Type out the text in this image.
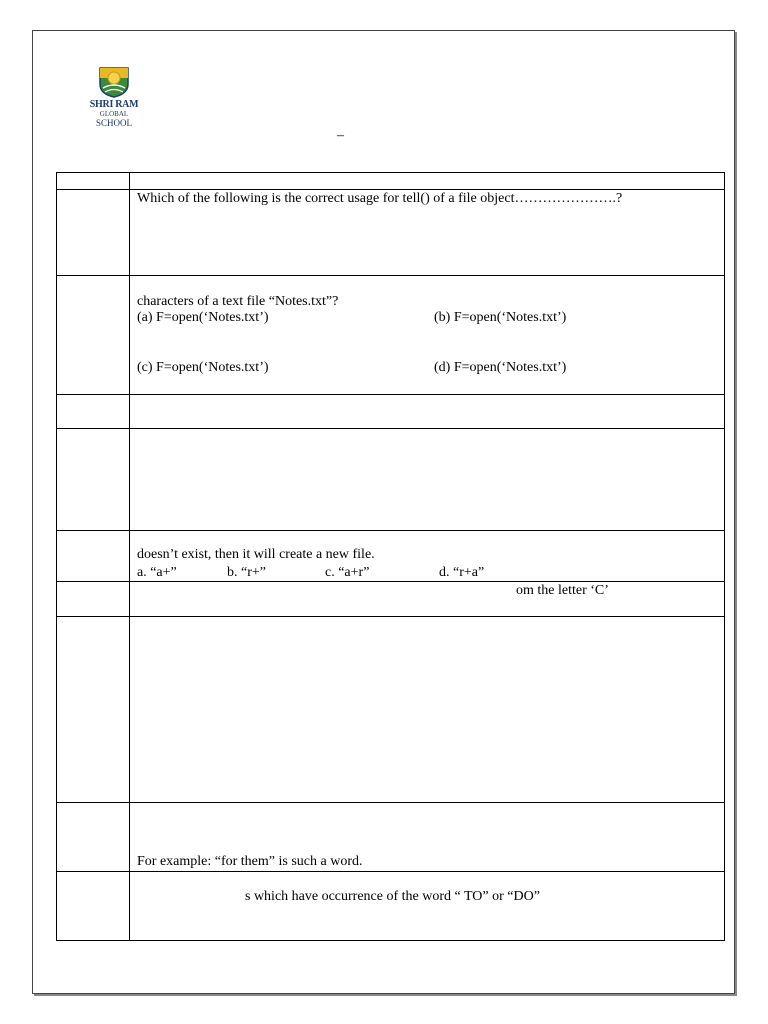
SHRI RAM
GLOBAL
SCHOOL
–

	Which of the following is the correct usage for tell() of a file object………………….?

	characters of a text file “Notes.txt”?
(a) F=open(‘Notes.txt’) (b) F=open(‘Notes.txt’)
(c) F=open(‘Notes.txt’) (d) F=open(‘Notes.txt’)

	doesn’t exist, then it will create a new file.
a. “a+” b. “r+” c. “a+r” d. “r+a”

	om the letter ‘C’

	For example: “for them” is such a word.

	s which have occurrence of the word “ TO” or “DO”
